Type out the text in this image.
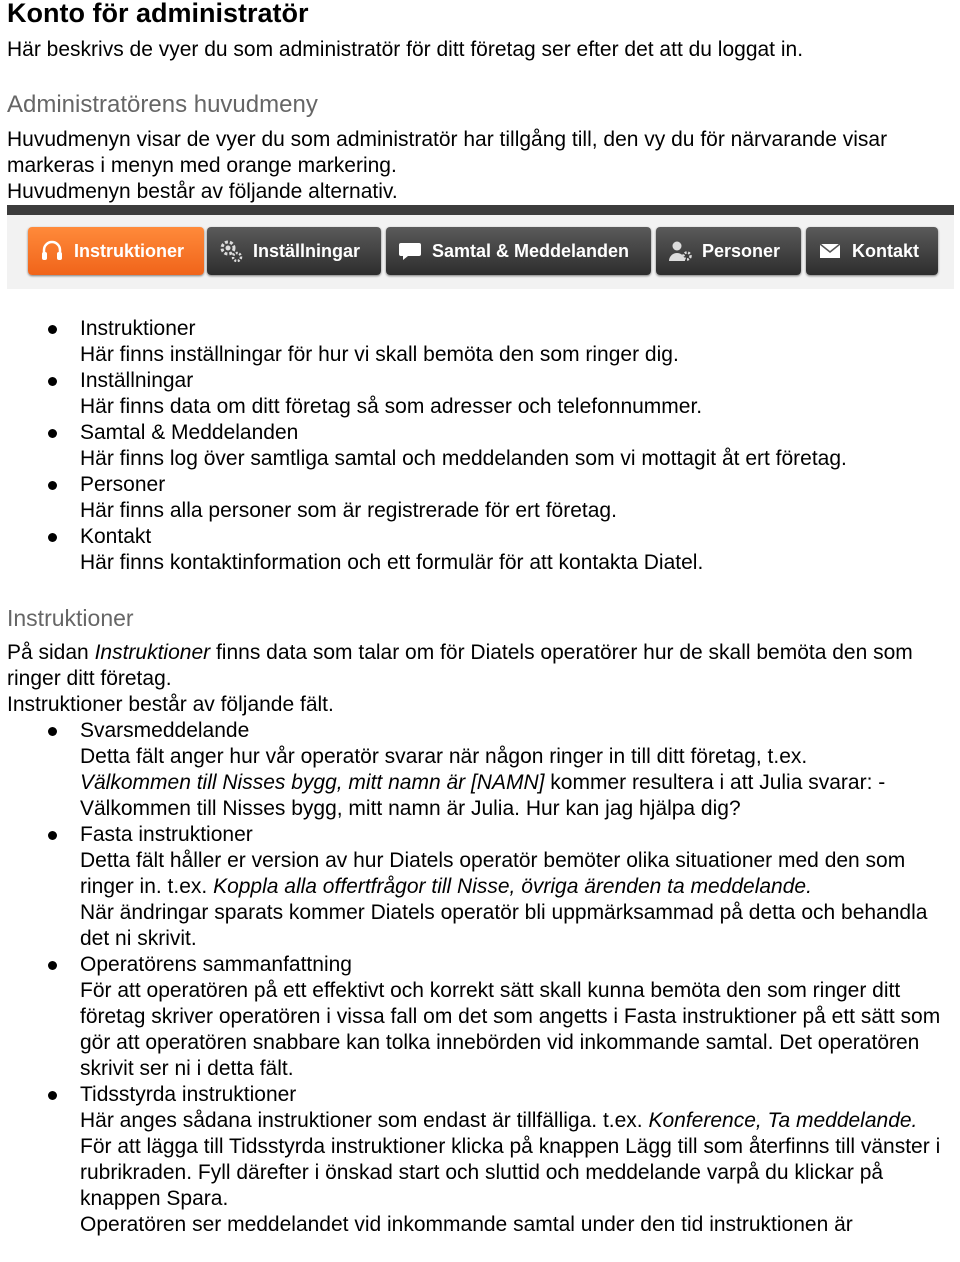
Konto för administratör
Här beskrivs de vyer du som administratör för ditt företag ser efter det att du loggat in.
Administratörens huvudmeny

Huvudmenyn visar de vyer du som administratör har tillgång till, den vy du för närvarande visar markeras i menyn med orange markering.

Huvudmenyn består av följande alternativ.

Instruktioner	Inställningar	Samtal & Meddelanden	Personer	Kontakt
Instruktioner
Här finns inställningar för hur vi skall bemöta den som ringer dig.
Inställningar
Här finns data om ditt företag så som adresser och telefonnummer.
Samtal & Meddelanden
Här finns log över samtliga samtal och meddelanden som vi mottagit åt ert företag.
Personer
Här finns alla personer som är registrerade för ert företag.
Kontakt
Här finns kontaktinformation och ett formulär för att kontakta Diatel.
Instruktioner

På sidan Instruktioner finns data som talar om för Diatels operatörer hur de skall bemöta den som ringer ditt företag.

Instruktioner består av följande fält.

Svarsmeddelande
Detta fält anger hur vår operatör svarar när någon ringer in till ditt företag, t.ex.
Välkommen till Nisses bygg, mitt namn är [NAMN] kommer resultera i att Julia svarar: - Välkommen till Nisses bygg, mitt namn är Julia. Hur kan jag hjälpa dig?
Fasta instruktioner
Detta fält håller er version av hur Diatels operatör bemöter olika situationer med den som ringer in. t.ex. Koppla alla offertfrågor till Nisse, övriga ärenden ta meddelande.
När ändringar sparats kommer Diatels operatör bli uppmärksammad på detta och behandla det ni skrivit.
Operatörens sammanfattning
För att operatören på ett effektivt och korrekt sätt skall kunna bemöta den som ringer ditt företag skriver operatören i vissa fall om det som angetts i Fasta instruktioner på ett sätt som gör att operatören snabbare kan tolka innebörden vid inkommande samtal. Det operatören skrivit ser ni i detta fält.
Tidsstyrda instruktioner
Här anges sådana instruktioner som endast är tillfälliga. t.ex. Konference, Ta meddelande.
För att lägga till Tidsstyrda instruktioner klicka på knappen Lägg till som återfinns till vänster i rubrikraden. Fyll därefter i önskad start och sluttid och meddelande varpå du klickar på knappen Spara.
Operatören ser meddelandet vid inkommande samtal under den tid instruktionen är
